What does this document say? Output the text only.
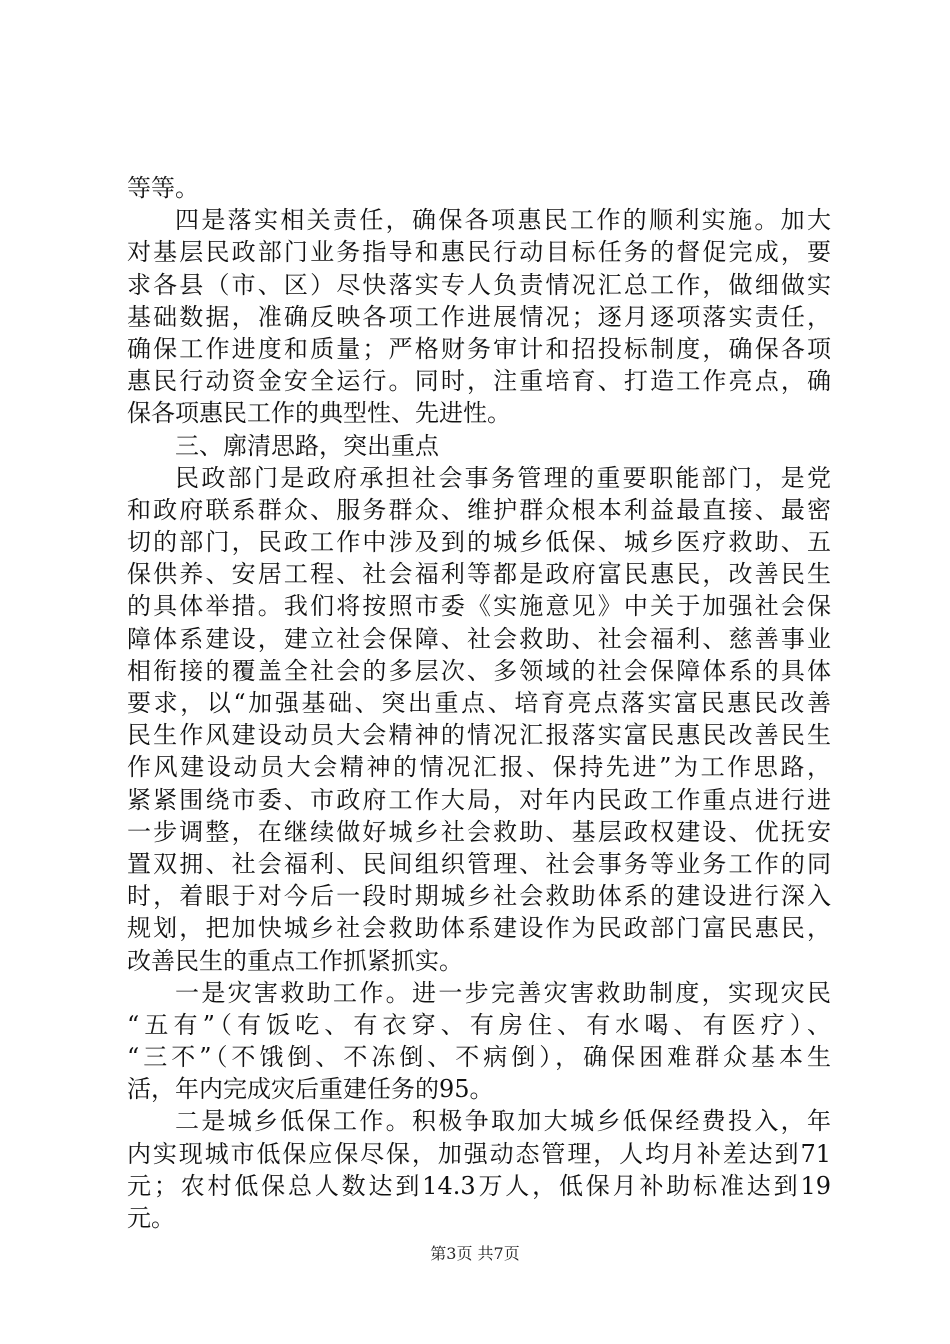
等等。
四是落实相关责任，确保各项惠民工作的顺利实施。加大
对基层民政部门业务指导和惠民行动目标任务的督促完成，要
求各县（市、区）尽快落实专人负责情况汇总工作，做细做实
基础数据，准确反映各项工作进展情况；逐月逐项落实责任，
确保工作进度和质量；严格财务审计和招投标制度，确保各项
惠民行动资金安全运行。同时，注重培育、打造工作亮点，确
保各项惠民工作的典型性、先进性。
三、廓清思路，突出重点
民政部门是政府承担社会事务管理的重要职能部门，是党
和政府联系群众、服务群众、维护群众根本利益最直接、最密
切的部门，民政工作中涉及到的城乡低保、城乡医疗救助、五
保供养、安居工程、社会福利等都是政府富民惠民，改善民生
的具体举措。我们将按照市委《实施意见》中关于加强社会保
障体系建设，建立社会保障、社会救助、社会福利、慈善事业
相衔接的覆盖全社会的多层次、多领域的社会保障体系的具体
要求，以“加强基础、突出重点、培育亮点落实富民惠民改善
民生作风建设动员大会精神的情况汇报落实富民惠民改善民生
作风建设动员大会精神的情况汇报、保持先进”为工作思路，
紧紧围绕市委、市政府工作大局，对年内民政工作重点进行进
一步调整，在继续做好城乡社会救助、基层政权建设、优抚安
置双拥、社会福利、民间组织管理、社会事务等业务工作的同
时，着眼于对今后一段时期城乡社会救助体系的建设进行深入
规划，把加快城乡社会救助体系建设作为民政部门富民惠民，
改善民生的重点工作抓紧抓实。
一是灾害救助工作。进一步完善灾害救助制度，实现灾民
“五有”（有饭吃、有衣穿、有房住、有水喝、有医疗）、
“三不”（不饿倒、不冻倒、不病倒），确保困难群众基本生
活，年内完成灾后重建任务的95。
二是城乡低保工作。积极争取加大城乡低保经费投入，年
内实现城市低保应保尽保，加强动态管理，人均月补差达到71
元；农村低保总人数达到14.3万人，低保月补助标准达到19
元。
第3页 共7页
